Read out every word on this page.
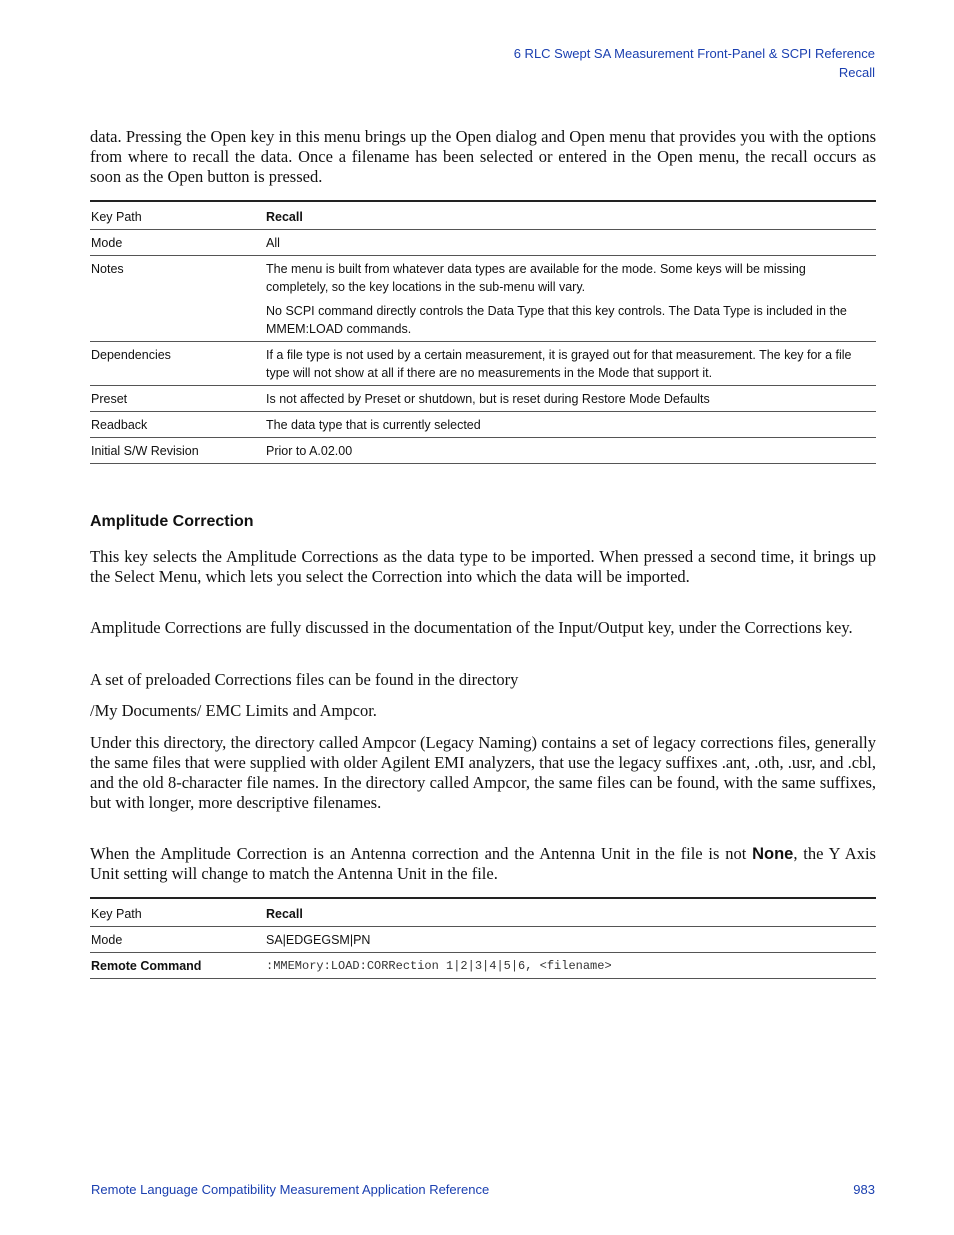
6 RLC Swept SA Measurement Front-Panel & SCPI Reference
Recall

data. Pressing the Open key in this menu brings up the Open dialog and Open menu that provides you with the options from where to recall the data. Once a filename has been selected or entered in the Open menu, the recall occurs as soon as the Open button is pressed.

Key Path	Recall
Mode	All
Notes	The menu is built from whatever data types are available for the mode. Some keys will be missing completely, so the key locations in the sub-menu will vary.

No SCPI command directly controls the Data Type that this key controls. The Data Type is included in the MMEM:LOAD commands.

Dependencies	If a file type is not used by a certain measurement, it is grayed out for that measurement. The key for a file type will not show at all if there are no measurements in the Mode that support it.
Preset	Is not affected by Preset or shutdown, but is reset during Restore Mode Defaults
Readback	The data type that is currently selected
Initial S/W Revision	Prior to A.02.00
Amplitude Correction

This key selects the Amplitude Corrections as the data type to be imported. When pressed a second time, it brings up the Select Menu, which lets you select the Correction into which the data will be imported.

Amplitude Corrections are fully discussed in the documentation of the Input/Output key, under the Corrections key.

A set of preloaded Corrections files can be found in the directory

/My Documents/ EMC Limits and Ampcor.

Under this directory, the directory called Ampcor (Legacy Naming) contains a set of legacy corrections files, generally the same files that were supplied with older Agilent EMI analyzers, that use the legacy suffixes .ant, .oth, .usr, and .cbl, and the old 8-character file names. In the directory called Ampcor, the same files can be found, with the same suffixes, but with longer, more descriptive filenames.

When the Amplitude Correction is an Antenna correction and the Antenna Unit in the file is not None, the Y Axis Unit setting will change to match the Antenna Unit in the file.

Key Path	Recall
Mode	SA|EDGEGSM|PN
Remote Command	:MMEMory:LOAD:CORRection 1|2|3|4|5|6, <filename>
Remote Language Compatibility Measurement Application Reference	983
